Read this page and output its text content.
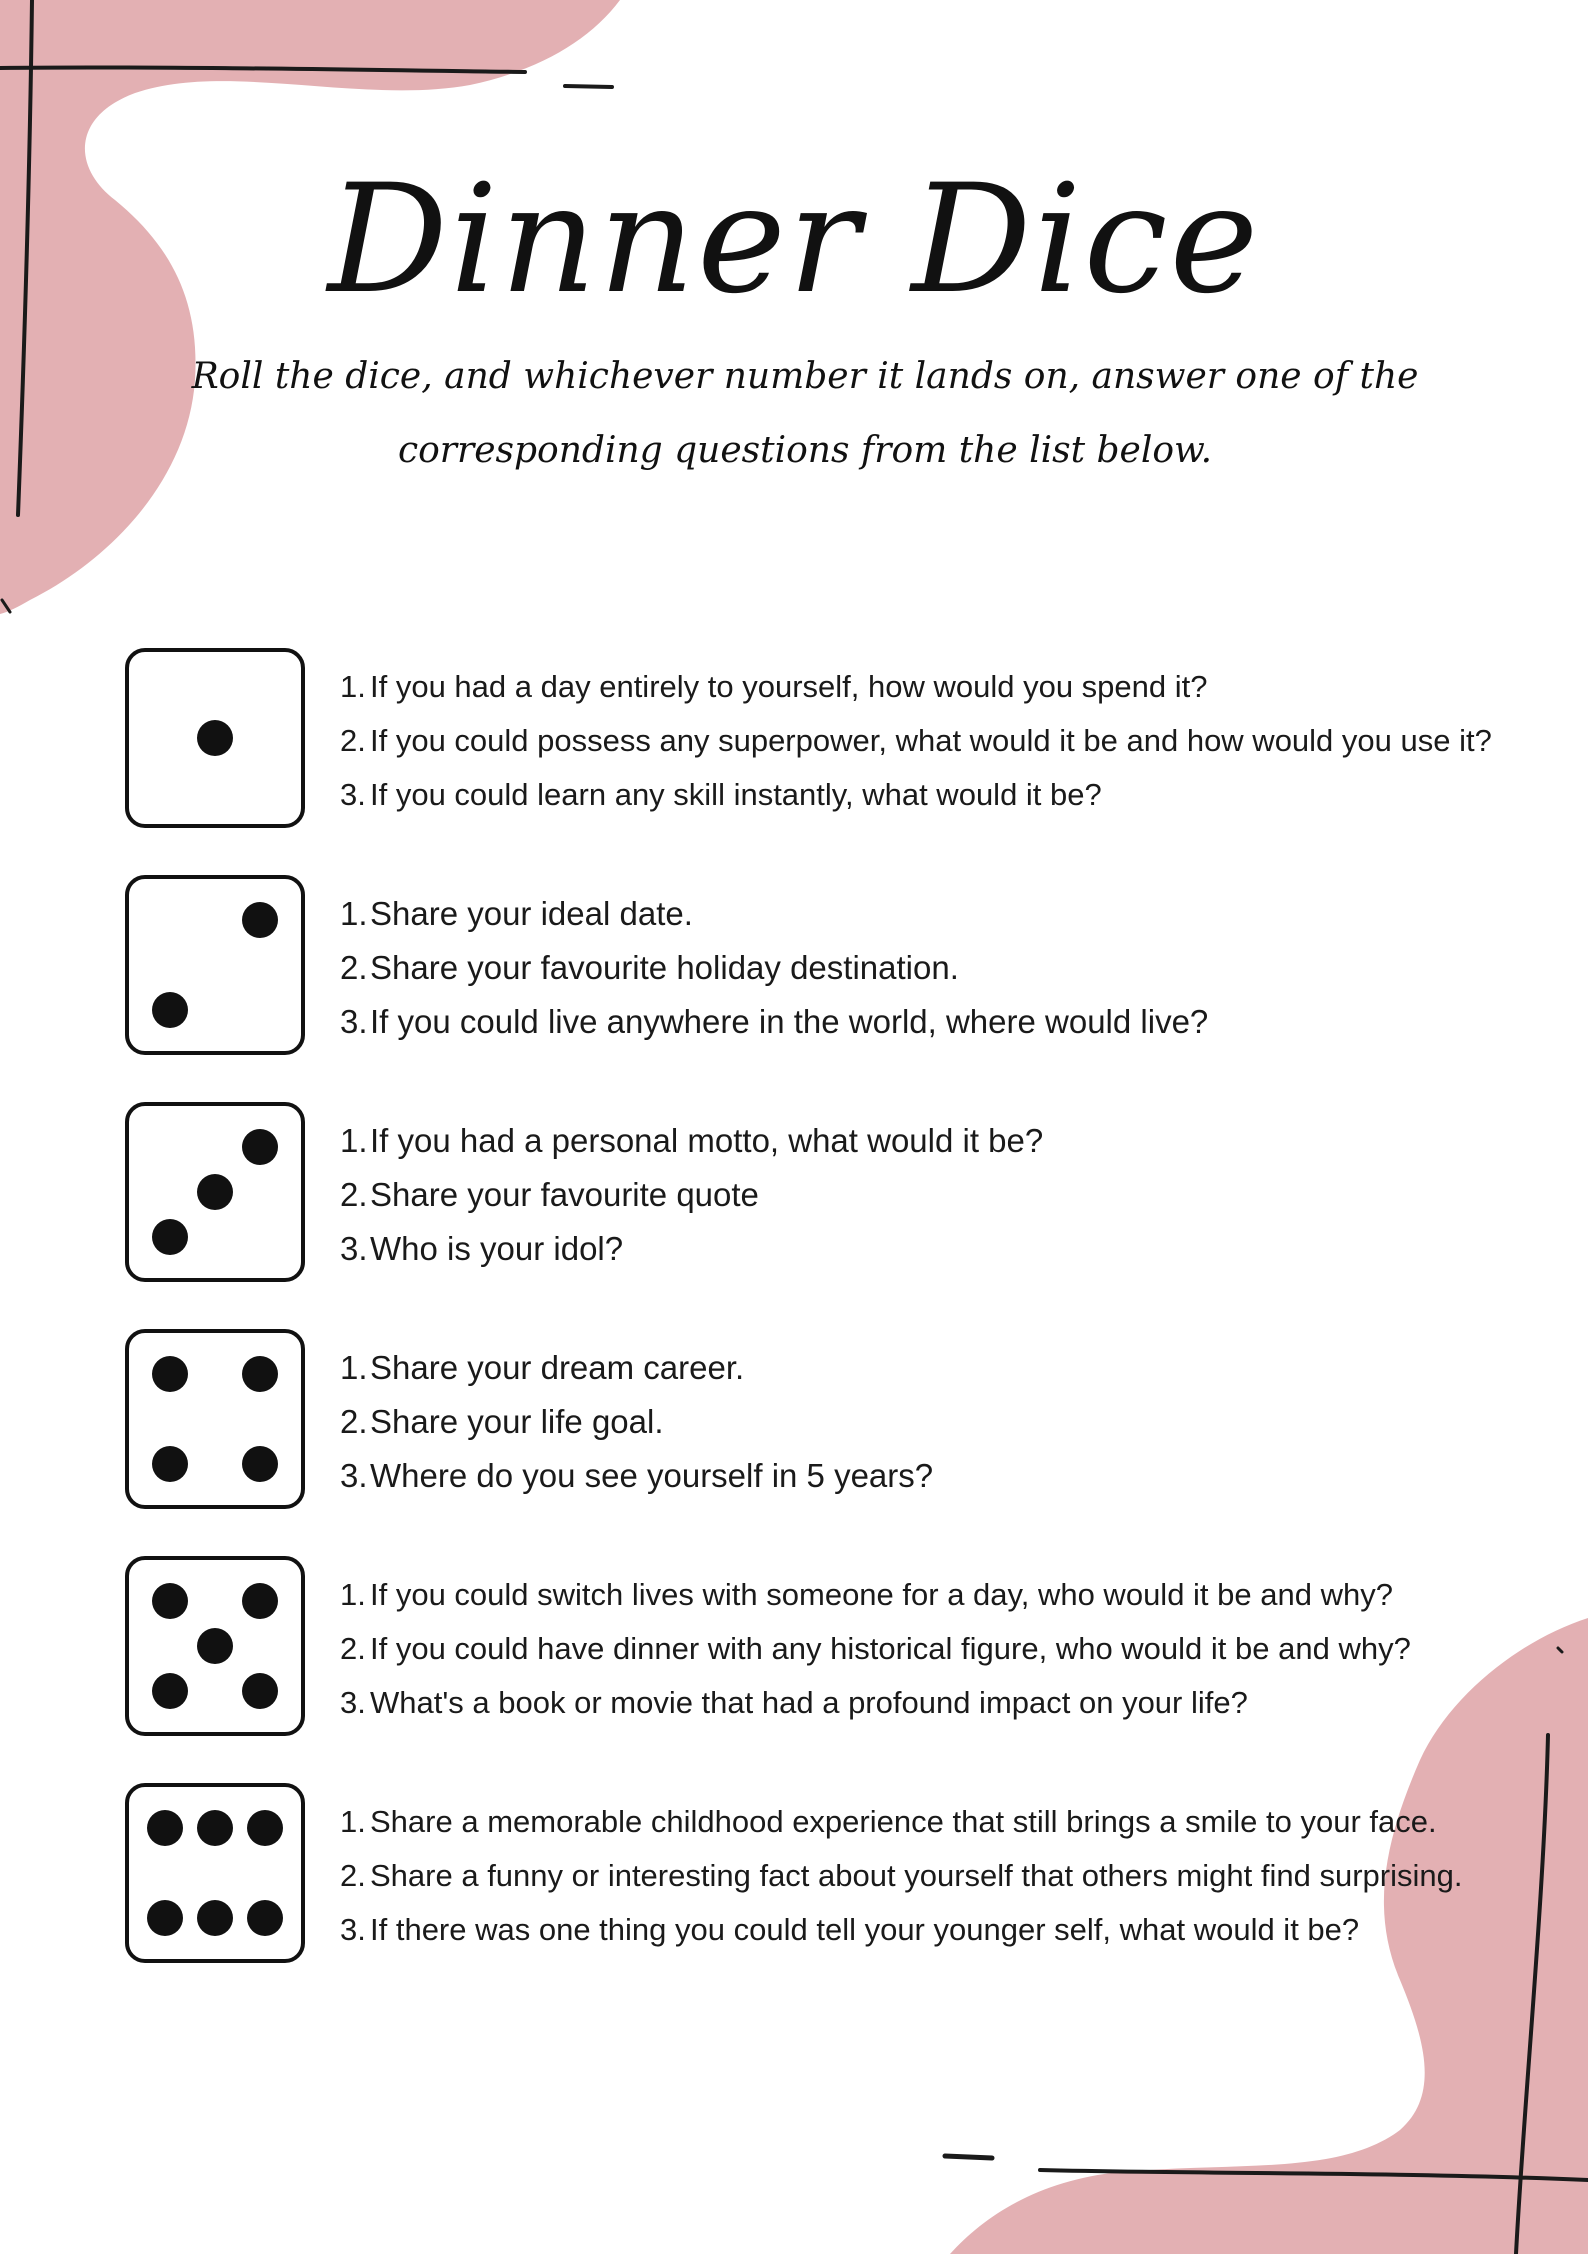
Dinner Dice
Roll the dice, and whichever number it lands on, answer one of the corresponding questions from the list below.
1. If you had a day entirely to yourself, how would you spend it?
2. If you could possess any superpower, what would it be and how would you use it?
3. If you could learn any skill instantly, what would it be?
1.Share your ideal date.
2.Share your favourite holiday destination.
3.If you could live anywhere in the world, where would live?
1.If you had a personal motto, what would it be?
2.Share your favourite quote
3.Who is your idol?
1.Share your dream career.
2.Share your life goal.
3.Where do you see yourself in 5 years?
1. If you could switch lives with someone for a day, who would it be and why?
2. If you could have dinner with any historical figure, who would it be and why?
3. What's a book or movie that had a profound impact on your life?
1. Share a memorable childhood experience that still brings a smile to your face.
2. Share a funny or interesting fact about yourself that others might find surprising.
3. If there was one thing you could tell your younger self, what would it be?
